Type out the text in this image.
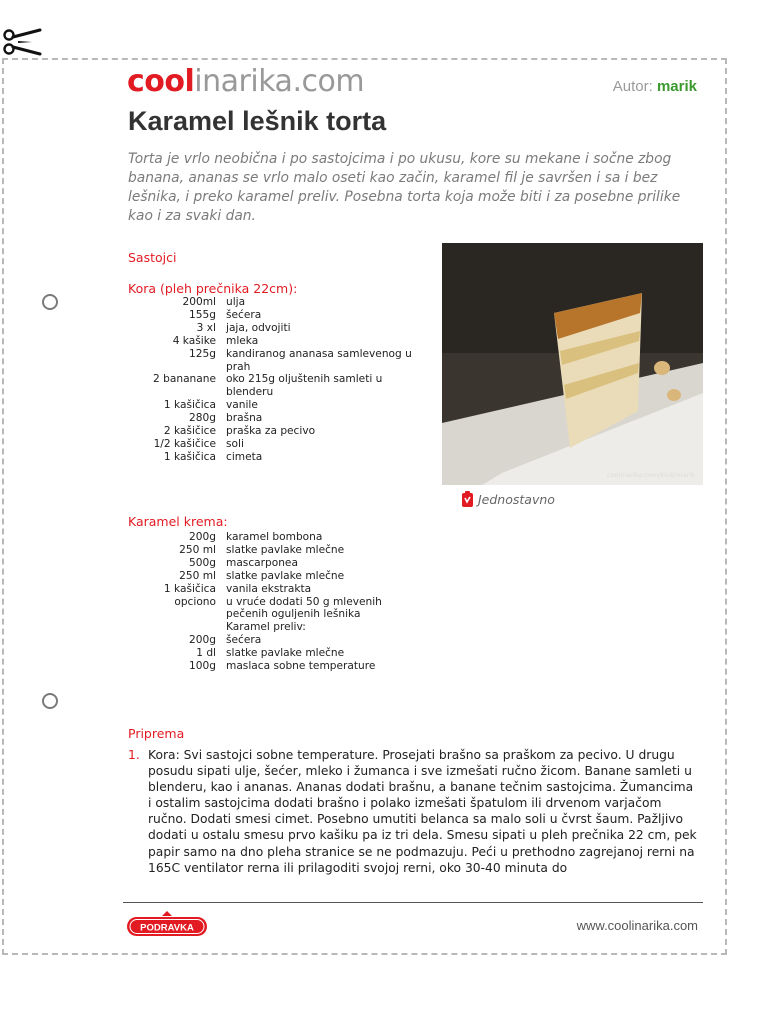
coolinarika.com	Autor: marik
Karamel lešnik torta

Torta je vrlo neobična i po sastojcima i po ukusu, kore su mekane i sočne zbog banana, ananas se vrlo malo oseti kao začin, karamel fil je savršen i sa i bez lešnika, i preko karamel preliv. Posebna torta koja može biti i za posebne prilike kao i za svaki dan.

Sastojci

Kora (pleh prečnika 22cm):

200ml	ulja
155g	šećera
3 xl	jaja, odvojiti
4 kašike	mleka
125g	kandiranog ananasa samlevenog u prah
2 bananane	oko 215g oljuštenih samleti u blenderu
1 kašičica	vanile
280g	brašna
2 kašičice	praška za pecivo
1/2 kašičice	soli
1 kašičica	cimeta

Karamel krema:

200g	karamel bombona
250 ml	slatke pavlake mlečne
500g	mascarponea
250 ml	slatke pavlake mlečne
1 kašičica	vanila ekstrakta
opciono	u vruće dodati 50 g mlevenih pečenih oguljenih lešnika
	Karamel preliv:
200g	šećera
1 dl	slatke pavlake mlečne
100g	maslaca sobne temperature
coolinarika.com/klub/marik
Jednostavno

Priprema

1. Kora: Svi sastojci sobne temperature. Prosejati brašno sa praškom za pecivo. U drugu posudu sipati ulje, šećer, mleko i žumanca i sve izmešati ručno žicom. Banane samleti u blenderu, kao i ananas. Ananas dodati brašnu, a banane tečnim sastojcima. Žumancima i ostalim sastojcima dodati brašno i polako izmešati špatulom ili drvenom varjačom ručno. Dodati smesi cimet. Posebno umutiti belanca sa malo soli u čvrst šaum. Pažljivo dodati u ostalu smesu prvo kašiku pa iz tri dela. Smesu sipati u pleh prečnika 22 cm, pek papir samo na dno pleha stranice se ne podmazuju. Peći u prethodno zagrejanoj rerni na 165C ventilator rerna ili prilagoditi svojoj rerni, oko 30-40 minuta do
PODRAVKA	www.coolinarika.com
